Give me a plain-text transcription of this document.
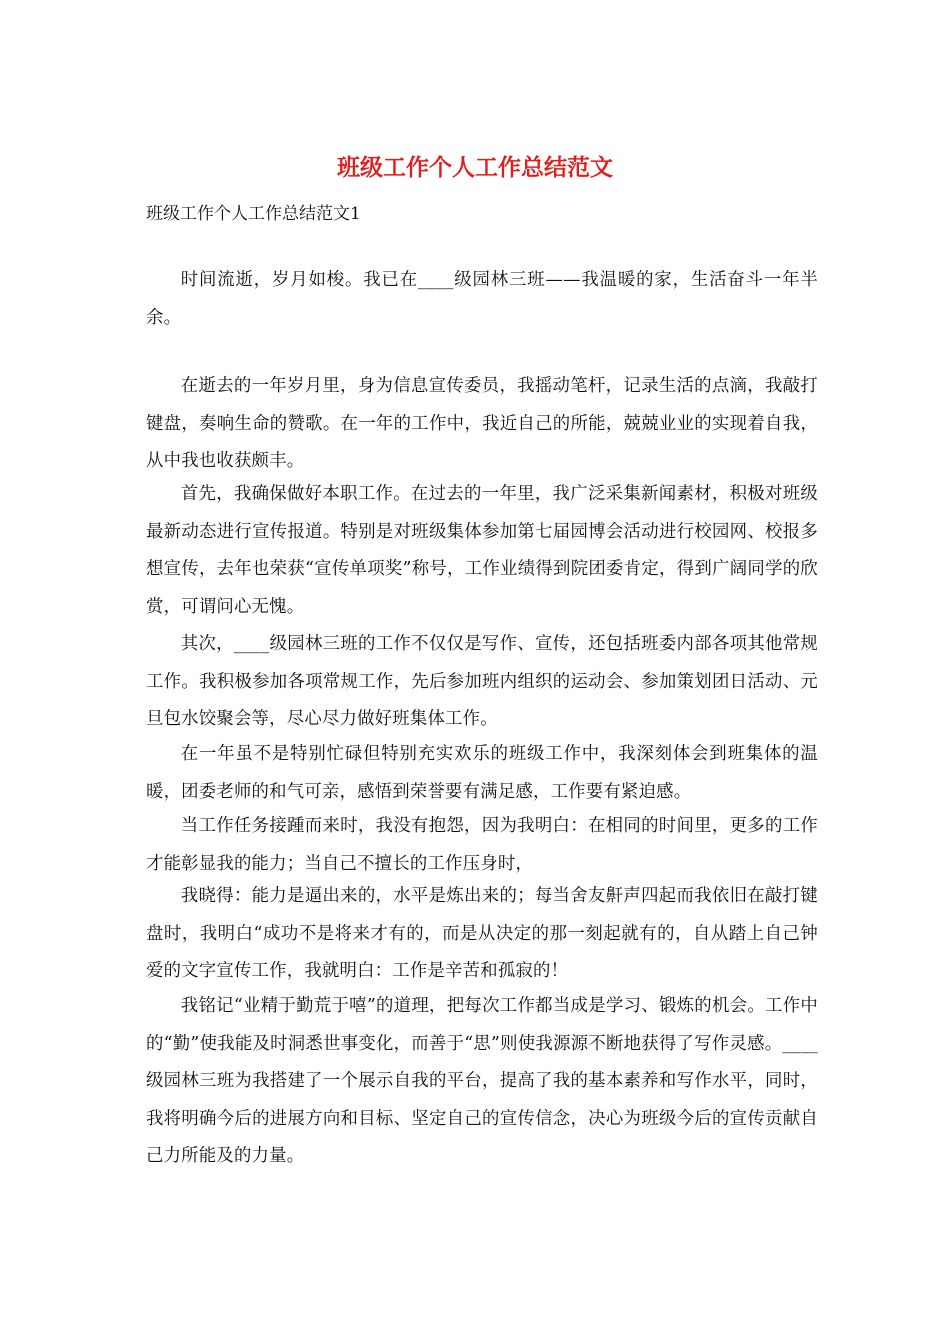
班级工作个人工作总结范文

班级工作个人工作总结范文1

时间流逝，岁月如梭。我已在____级园林三班——我温暖的家，生活奋斗一年半余。

在逝去的一年岁月里，身为信息宣传委员，我摇动笔杆，记录生活的点滴，我敲打键盘，奏响生命的赞歌。在一年的工作中，我近自己的所能，兢兢业业的实现着自我，从中我也收获颇丰。

首先，我确保做好本职工作。在过去的一年里，我广泛采集新闻素材，积极对班级最新动态进行宣传报道。特别是对班级集体参加第七届园博会活动进行校园网、校报多想宣传，去年也荣获“宣传单项奖”称号，工作业绩得到院团委肯定，得到广阔同学的欣赏，可谓问心无愧。

其次，____级园林三班的工作不仅仅是写作、宣传，还包括班委内部各项其他常规工作。我积极参加各项常规工作，先后参加班内组织的运动会、参加策划团日活动、元旦包水饺聚会等，尽心尽力做好班集体工作。

在一年虽不是特别忙碌但特别充实欢乐的班级工作中，我深刻体会到班集体的温暖，团委老师的和气可亲，感悟到荣誉要有满足感，工作要有紧迫感。

当工作任务接踵而来时，我没有抱怨，因为我明白：在相同的时间里，更多的工作才能彰显我的能力；当自己不擅长的工作压身时，

我晓得：能力是逼出来的，水平是炼出来的；每当舍友鼾声四起而我依旧在敲打键盘时，我明白“成功不是将来才有的，而是从决定的那一刻起就有的，自从踏上自己钟爱的文字宣传工作，我就明白：工作是辛苦和孤寂的！

我铭记“业精于勤荒于嘻”的道理，把每次工作都当成是学习、锻炼的机会。工作中的“勤”使我能及时洞悉世事变化，而善于“思”则使我源源不断地获得了写作灵感。____级园林三班为我搭建了一个展示自我的平台，提高了我的基本素养和写作水平，同时，我将明确今后的进展方向和目标、坚定自己的宣传信念，决心为班级今后的宣传贡献自己力所能及的力量。
